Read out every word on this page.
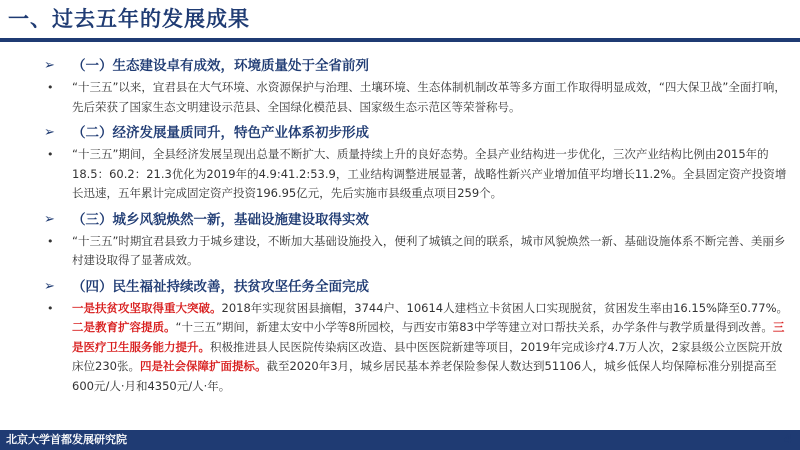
一、过去五年的发展成果
➢ （一）生态建设卓有成效，环境质量处于全省前列
• “十三五”以来，宜君县在大气环境、水资源保护与治理、土壤环境、生态体制机制改革等多方面工作取得明显成效，“四大保卫战”全面打响，先后荣获了国家生态文明建设示范县、全国绿化模范县、国家级生态示范区等荣誉称号。
➢ （二）经济发展量质同升，特色产业体系初步形成
• “十三五”期间，全县经济发展呈现出总量不断扩大、质量持续上升的良好态势。全县产业结构进一步优化，三次产业结构比例由2015年的18.5：60.2：21.3优化为2019年的4.9:41.2:53.9，工业结构调整进展显著，战略性新兴产业增加值平均增长11.2%。全县固定资产投资增长迅速，五年累计完成固定资产投资196.95亿元，先后实施市县级重点项目259个。
➢ （三）城乡风貌焕然一新，基础设施建设取得实效
• “十三五”时期宜君县致力于城乡建设，不断加大基础设施投入，便利了城镇之间的联系，城市风貌焕然一新、基础设施体系不断完善、美丽乡村建设取得了显著成效。
➢ （四）民生福祉持续改善，扶贫攻坚任务全面完成
• 一是扶贫攻坚取得重大突破。2018年实现贫困县摘帽，3744户、10614人建档立卡贫困人口实现脱贫，贫困发生率由16.15%降至0.77%。二是教育扩容提质。“十三五”期间，新建太安中小学等8所园校，与西安市第83中学等建立对口帮扶关系，办学条件与教学质量得到改善。三是医疗卫生服务能力提升。积极推进县人民医院传染病区改造、县中医医院新建等项目，2019年完成诊疗4.7万人次，2家县级公立医院开放床位230张。四是社会保障扩面提标。截至2020年3月，城乡居民基本养老保险参保人数达到51106人，城乡低保人均保障标准分别提高至600元/人·月和4350元/人·年。
北京大学首都发展研究院	4
